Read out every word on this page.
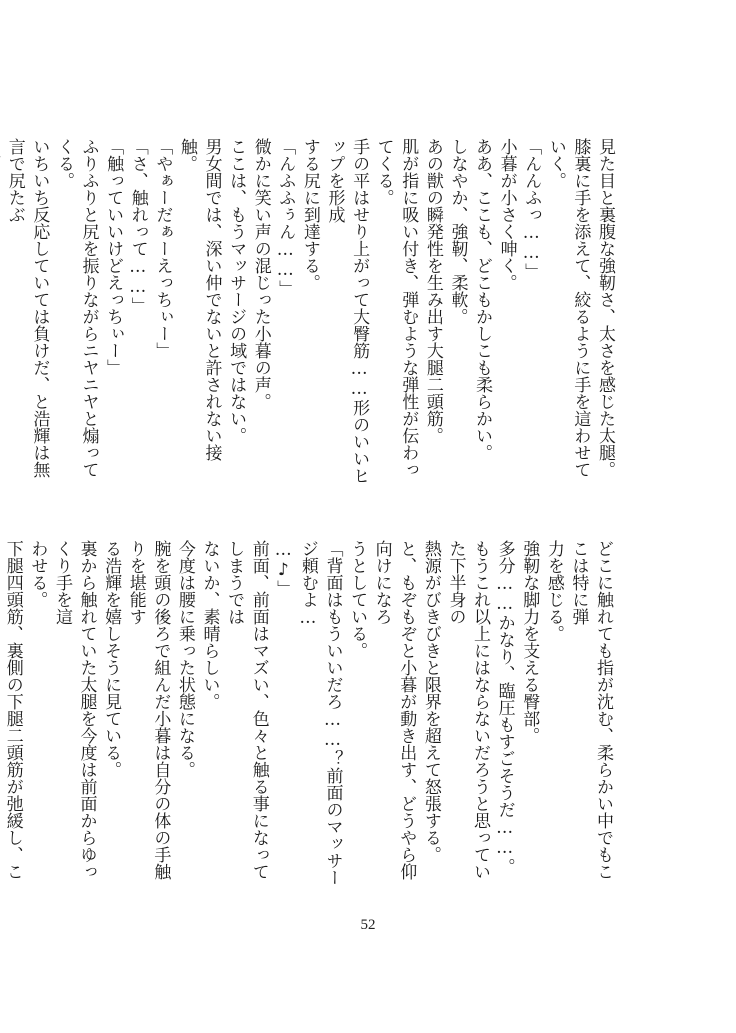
見た目と裏腹な強靭さ、太さを感じた太腿。

膝裏に手を添えて、絞るように手を這わせていく。

「んんふっ……」

小暮が小さく呻く。

ああ、ここも、どこもかしこも柔らかい。

しなやか、強靭、柔軟。

あの獣の瞬発性を生み出す大腿二頭筋。

肌が指に吸い付き、弾むような弾性が伝わってくる。

手の平はせり上がって大臀筋……形のいいヒップを形成

する尻に到達する。

「んふふぅん……」

微かに笑い声の混じった小暮の声。

ここは、もうマッサージの域ではない。

男女間では、深い仲でないと許されない接触。

「やぁーだぁーえっちぃー」

「さ、触れって……」

「触っていいけどえっちぃー」

ふりふりと尻を振りながらニヤニヤと煽ってくる。

いちいち反応していては負けだ、と浩輝は無言で尻たぶ

どこに触れても指が沈む、柔らかい中でもここは特に弾

力を感じる。

強靭な脚力を支える臀部。

多分……かなり、臨圧もすごそうだ……。

もうこれ以上にはならないだろうと思っていた下半身の

熱源がびきびきと限界を超えて怒張する。

と、もぞもぞと小暮が動き出す、どうやら仰向けになろ

うとしている。

「背面はもういいだろ……？前面のマッサージ頼むよ…

…♪」

前面、前面はマズい、色々と触る事になってしまうでは

ないか、素晴らしい。

今度は腰に乗った状態になる。

腕を頭の後ろで組んだ小暮は自分の体の手触りを堪能す

る浩輝を嬉しそうに見ている。

裏から触れていた太腿を今度は前面からゆっくり手を這

わせる。

下腿四頭筋、裏側の下腿二頭筋が弛緩し、こ

52
